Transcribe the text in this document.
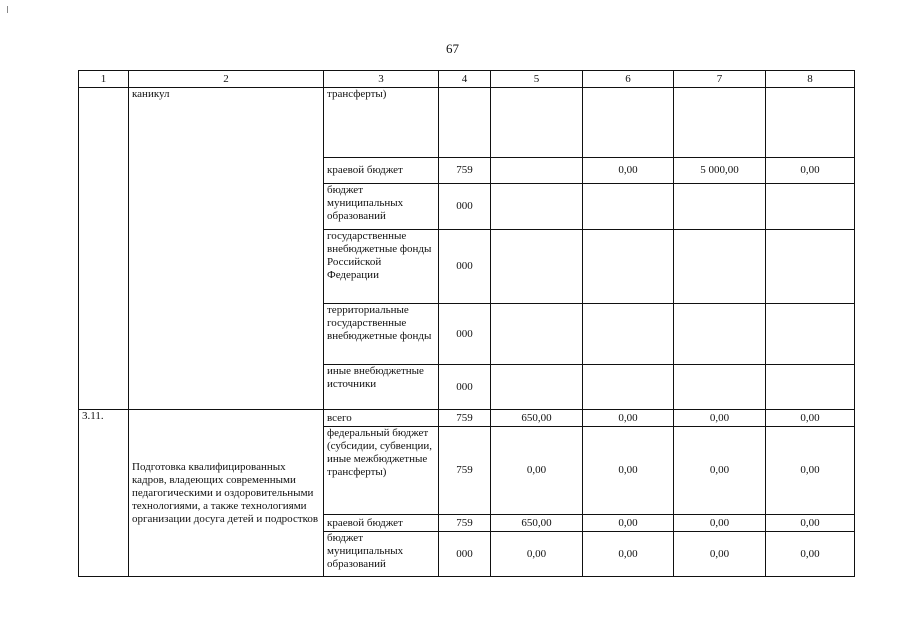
67
1	2	3	4	5	6	7	8
	каникул	трансферты)					
		краевой бюджет	759		0,00	5 000,00	0,00
		бюджет муниципальных образований	000				
		государственные внебюджетные фонды Российской Федерации	000				
		территориальные государственные внебюджетные фонды	000				
		иные внебюджетные источники	000				
3.11.	Подготовка квалифицированных кадров, владеющих современными педагогическими и оздоровительными технологиями, а также технологиями организации досуга детей и подростков	всего	759	650,00	0,00	0,00	0,00
		федеральный бюджет (субсидии, субвенции, иные межбюджетные трансферты)	759	0,00	0,00	0,00	0,00
		краевой бюджет	759	650,00	0,00	0,00	0,00
		бюджет муниципальных образований	000	0,00	0,00	0,00	0,00
